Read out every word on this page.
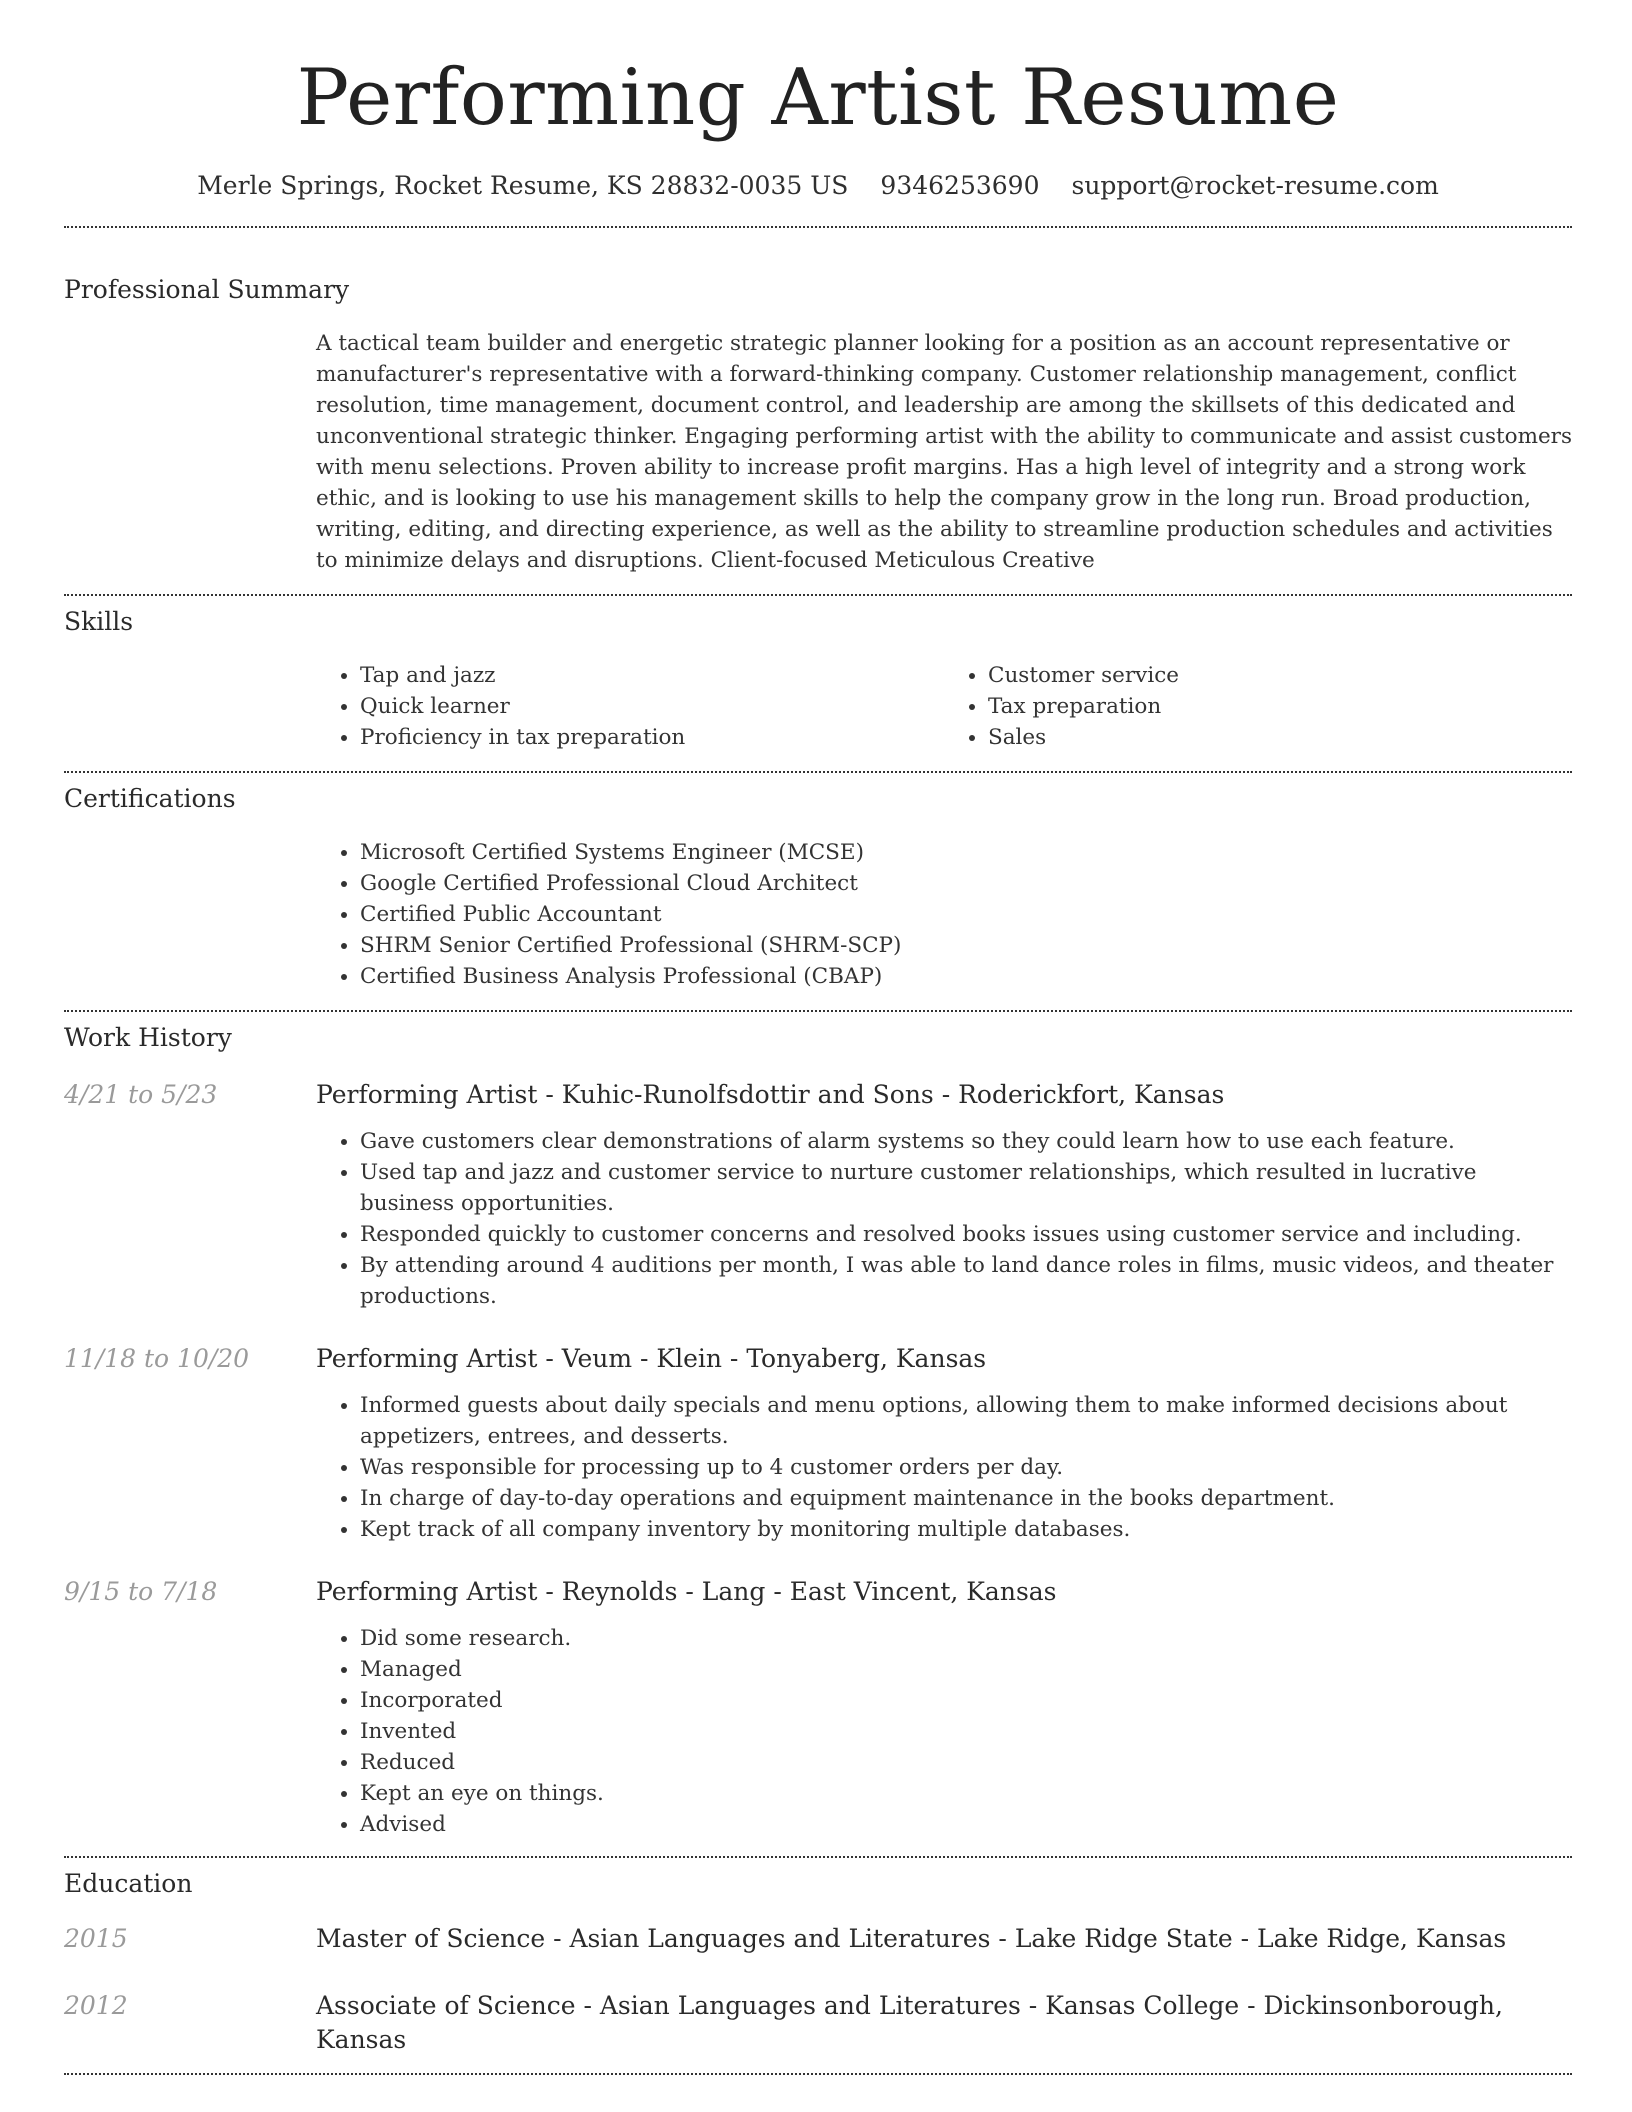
Performing Artist Resume
Merle Springs, Rocket Resume, KS 28832-0035 US 9346253690 support@rocket-resume.com
Professional Summary

A tactical team builder and energetic strategic planner looking for a position as an account representative or manufacturer's representative with a forward-thinking company. Customer relationship management, conflict resolution, time management, document control, and leadership are among the skillsets of this dedicated and unconventional strategic thinker. Engaging performing artist with the ability to communicate and assist customers with menu selections. Proven ability to increase profit margins. Has a high level of integrity and a strong work ethic, and is looking to use his management skills to help the company grow in the long run. Broad production, writing, editing, and directing experience, as well as the ability to streamline production schedules and activities to minimize delays and disruptions. Client-focused Meticulous Creative

Skills
• Tap and jazz
• Quick learner
• Proficiency in tax preparation
• Customer service
• Tax preparation
• Sales
Certifications
• Microsoft Certified Systems Engineer (MCSE)
• Google Certified Professional Cloud Architect
• Certified Public Accountant
• SHRM Senior Certified Professional (SHRM-SCP)
• Certified Business Analysis Professional (CBAP)
Work History
4/21 to 5/23	Performing Artist - Kuhic-Runolfsdottir and Sons - Roderickfort, Kansas
• Gave customers clear demonstrations of alarm systems so they could learn how to use each feature.
• Used tap and jazz and customer service to nurture customer relationships, which resulted in lucrative business opportunities.
• Responded quickly to customer concerns and resolved books issues using customer service and including.
• By attending around 4 auditions per month, I was able to land dance roles in films, music videos, and theater productions.
11/18 to 10/20	Performing Artist - Veum - Klein - Tonyaberg, Kansas
• Informed guests about daily specials and menu options, allowing them to make informed decisions about appetizers, entrees, and desserts.
• Was responsible for processing up to 4 customer orders per day.
• In charge of day-to-day operations and equipment maintenance in the books department.
• Kept track of all company inventory by monitoring multiple databases.
9/15 to 7/18	Performing Artist - Reynolds - Lang - East Vincent, Kansas
• Did some research.
• Managed
• Incorporated
• Invented
• Reduced
• Kept an eye on things.
• Advised
Education
2015	Master of Science - Asian Languages and Literatures - Lake Ridge State - Lake Ridge, Kansas
2012	Associate of Science - Asian Languages and Literatures - Kansas College - Dickinsonborough, Kansas
